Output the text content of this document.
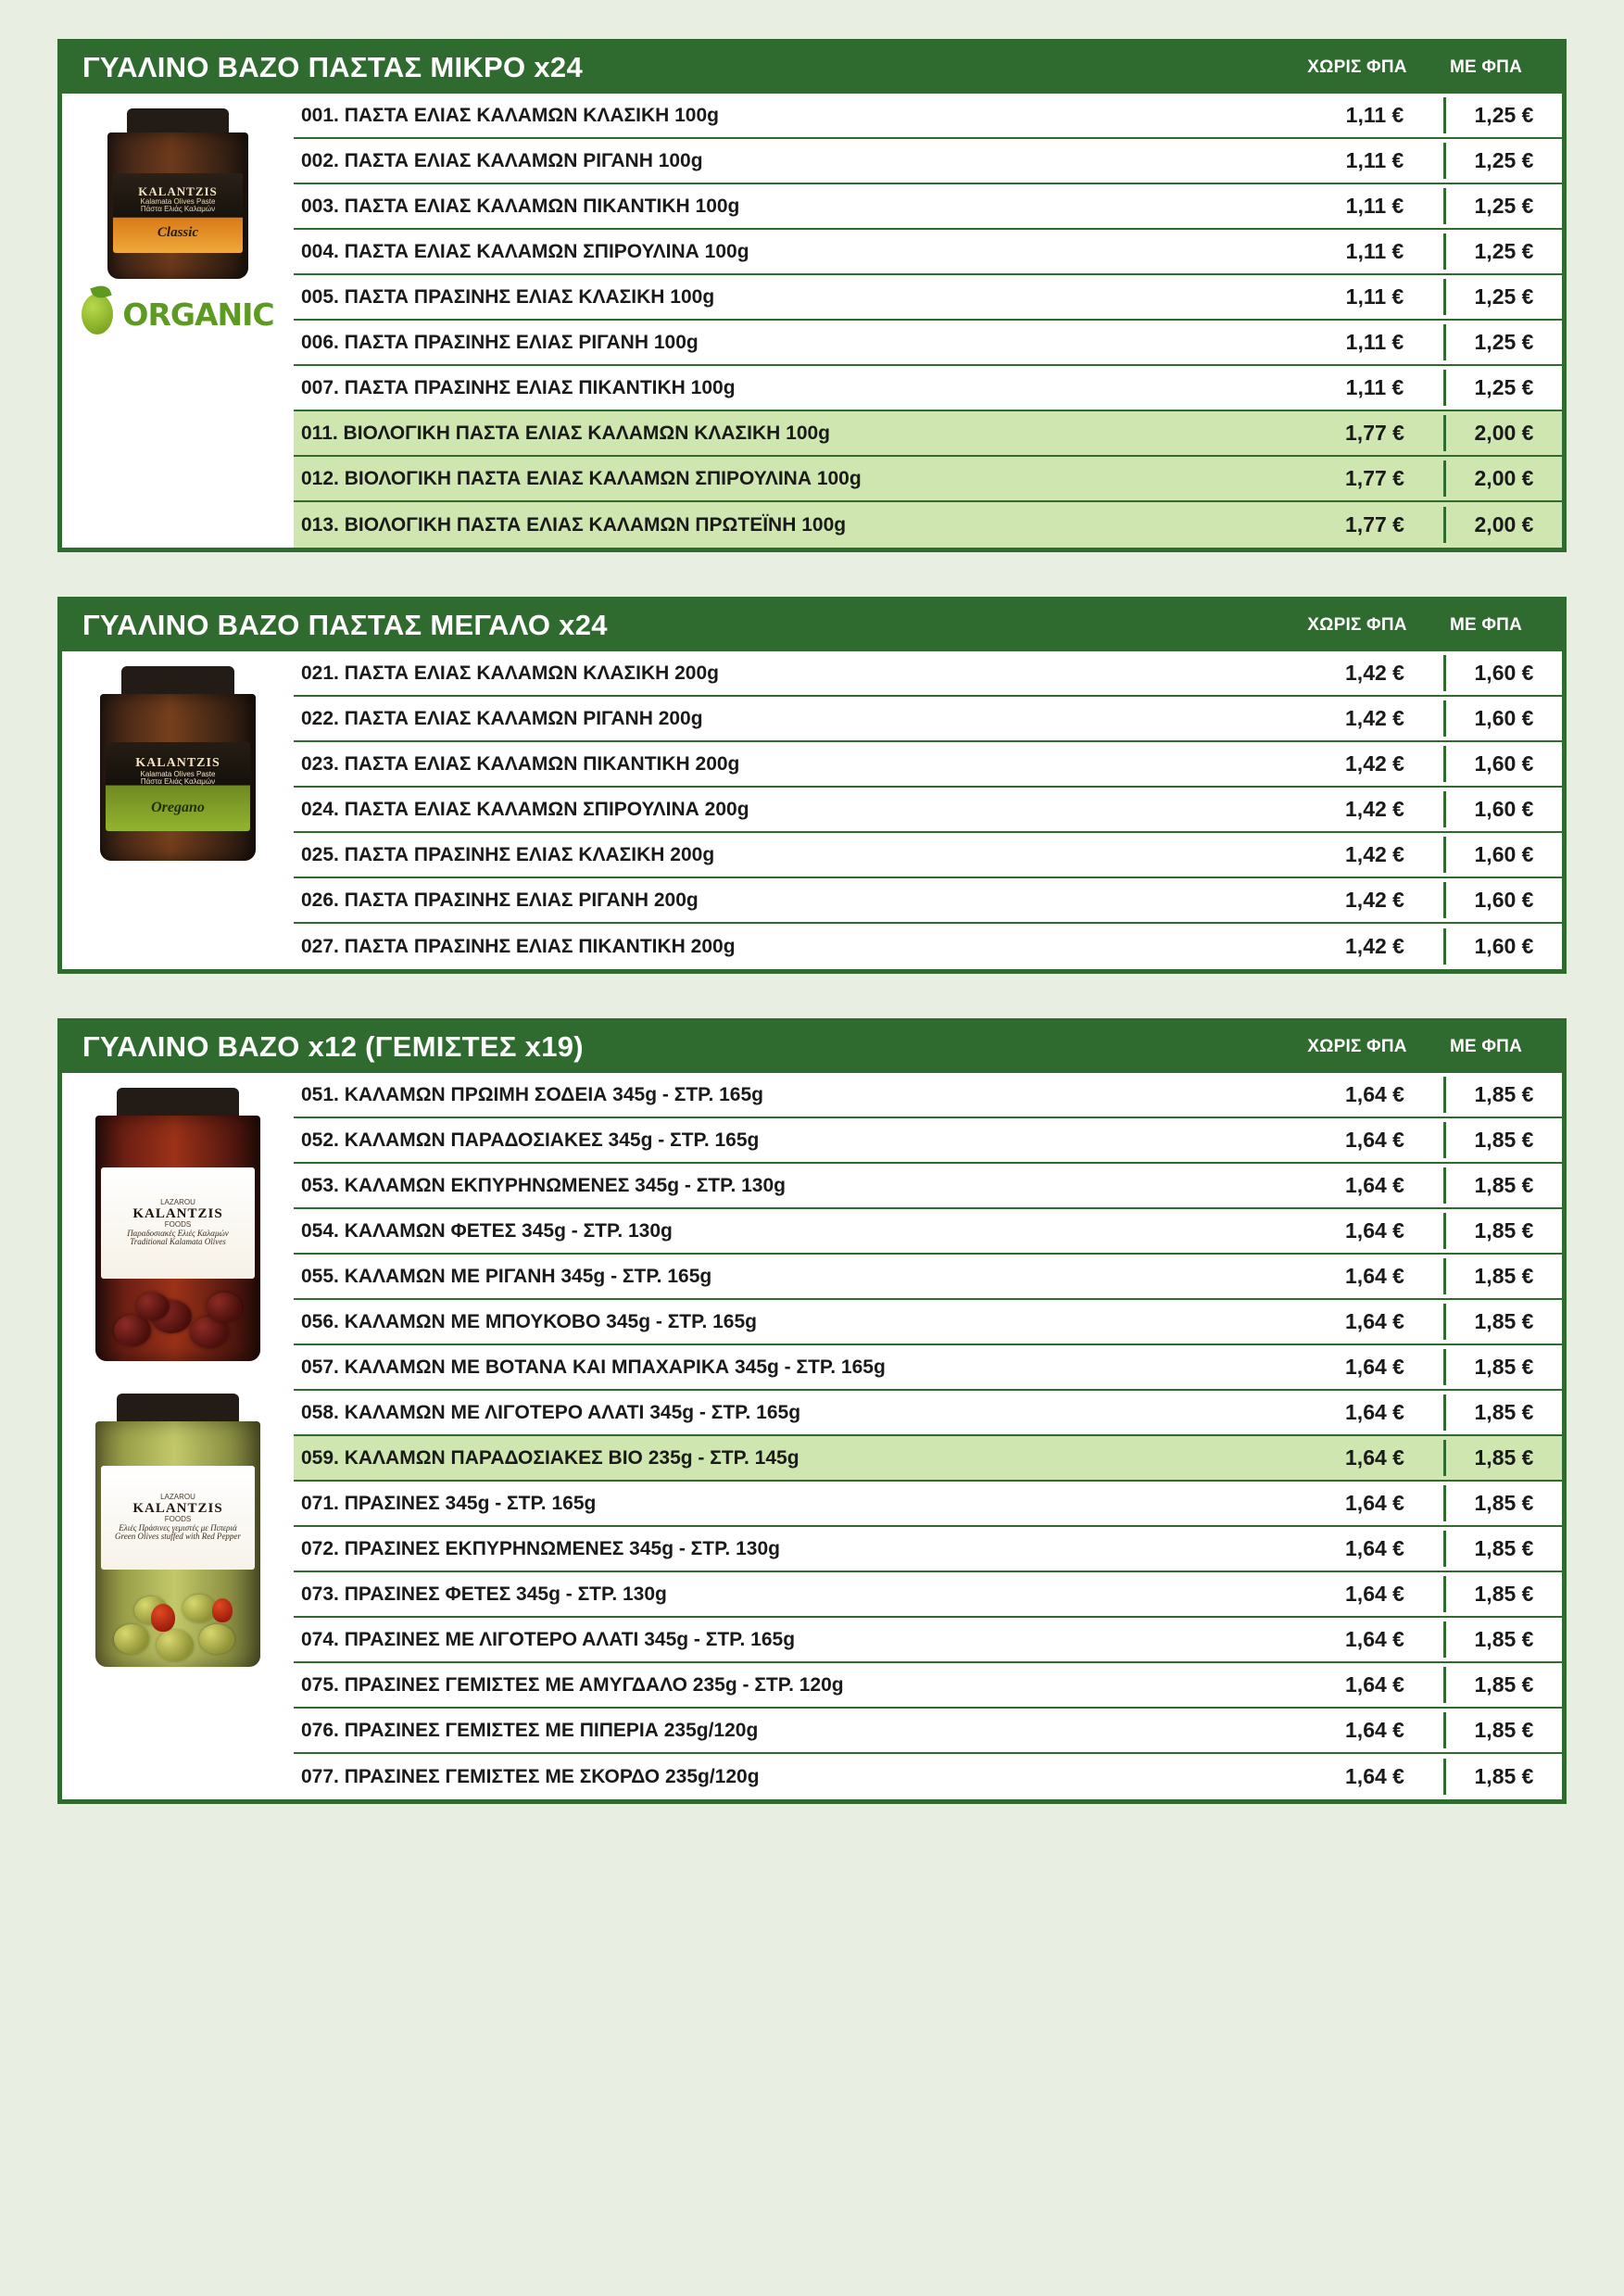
ΓΥΑΛΙΝΟ ΒΑΖΟ ΠΑΣΤΑΣ ΜΙΚΡΟ x24	ΧΩΡΙΣ ΦΠΑ	ΜΕ ΦΠΑ
KALANTZIS
Kalamata Olives Paste
Πάστα Ελιάς Καλαμών
Classic
ORGANIC
001. ΠΑΣΤΑ ΕΛΙΑΣ ΚΑΛΑΜΩΝ ΚΛΑΣΙΚΗ 100g	1,11 €	1,25 €
002. ΠΑΣΤΑ ΕΛΙΑΣ ΚΑΛΑΜΩΝ ΡΙΓΑΝΗ 100g	1,11 €	1,25 €
003. ΠΑΣΤΑ ΕΛΙΑΣ ΚΑΛΑΜΩΝ ΠΙΚΑΝΤΙΚΗ 100g	1,11 €	1,25 €
004. ΠΑΣΤΑ ΕΛΙΑΣ ΚΑΛΑΜΩΝ ΣΠΙΡΟΥΛΙΝΑ 100g	1,11 €	1,25 €
005. ΠΑΣΤΑ ΠΡΑΣΙΝΗΣ ΕΛΙΑΣ ΚΛΑΣΙΚΗ 100g	1,11 €	1,25 €
006. ΠΑΣΤΑ ΠΡΑΣΙΝΗΣ ΕΛΙΑΣ ΡΙΓΑΝΗ 100g	1,11 €	1,25 €
007. ΠΑΣΤΑ ΠΡΑΣΙΝΗΣ ΕΛΙΑΣ ΠΙΚΑΝΤΙΚΗ 100g	1,11 €	1,25 €
011. ΒΙΟΛΟΓΙΚΗ ΠΑΣΤΑ ΕΛΙΑΣ ΚΑΛΑΜΩΝ ΚΛΑΣΙΚΗ 100g	1,77 €	2,00 €
012. ΒΙΟΛΟΓΙΚΗ ΠΑΣΤΑ ΕΛΙΑΣ ΚΑΛΑΜΩΝ ΣΠΙΡΟΥΛΙΝΑ 100g	1,77 €	2,00 €
013. ΒΙΟΛΟΓΙΚΗ ΠΑΣΤΑ ΕΛΙΑΣ ΚΑΛΑΜΩΝ ΠΡΩΤΕΪΝΗ 100g	1,77 €	2,00 €
ΓΥΑΛΙΝΟ ΒΑΖΟ ΠΑΣΤΑΣ ΜΕΓΑΛΟ x24	ΧΩΡΙΣ ΦΠΑ	ΜΕ ΦΠΑ
KALANTZIS
Kalamata Olives Paste
Πάστα Ελιάς Καλαμών
Oregano
021. ΠΑΣΤΑ ΕΛΙΑΣ ΚΑΛΑΜΩΝ ΚΛΑΣΙΚΗ 200g	1,42 €	1,60 €
022. ΠΑΣΤΑ ΕΛΙΑΣ ΚΑΛΑΜΩΝ ΡΙΓΑΝΗ 200g	1,42 €	1,60 €
023. ΠΑΣΤΑ ΕΛΙΑΣ ΚΑΛΑΜΩΝ ΠΙΚΑΝΤΙΚΗ 200g	1,42 €	1,60 €
024. ΠΑΣΤΑ ΕΛΙΑΣ ΚΑΛΑΜΩΝ ΣΠΙΡΟΥΛΙΝΑ 200g	1,42 €	1,60 €
025. ΠΑΣΤΑ ΠΡΑΣΙΝΗΣ ΕΛΙΑΣ ΚΛΑΣΙΚΗ 200g	1,42 €	1,60 €
026. ΠΑΣΤΑ ΠΡΑΣΙΝΗΣ ΕΛΙΑΣ ΡΙΓΑΝΗ 200g	1,42 €	1,60 €
027. ΠΑΣΤΑ ΠΡΑΣΙΝΗΣ ΕΛΙΑΣ ΠΙΚΑΝΤΙΚΗ 200g	1,42 €	1,60 €
ΓΥΑΛΙΝΟ ΒΑΖΟ x12 (ΓΕΜΙΣΤΕΣ x19)	ΧΩΡΙΣ ΦΠΑ	ΜΕ ΦΠΑ
LAZAROU
KALANTZIS
FOODS
Παραδοσιακές Ελιές Καλαμών
Traditional Kalamata Olives
LAZAROU
KALANTZIS
FOODS
Ελιές Πράσινες γεμιστές με Πιπεριά
Green Olives stuffed with Red Pepper
051. ΚΑΛΑΜΩΝ ΠΡΩΙΜΗ ΣΟΔΕΙΑ 345g - ΣΤΡ. 165g	1,64 €	1,85 €
052. ΚΑΛΑΜΩΝ ΠΑΡΑΔΟΣΙΑΚΕΣ 345g - ΣΤΡ. 165g	1,64 €	1,85 €
053. ΚΑΛΑΜΩΝ ΕΚΠΥΡΗΝΩΜΕΝΕΣ 345g - ΣΤΡ. 130g	1,64 €	1,85 €
054. ΚΑΛΑΜΩΝ ΦΕΤΕΣ 345g - ΣΤΡ. 130g	1,64 €	1,85 €
055. ΚΑΛΑΜΩΝ ΜΕ ΡΙΓΑΝΗ 345g - ΣΤΡ. 165g	1,64 €	1,85 €
056. ΚΑΛΑΜΩΝ ΜΕ ΜΠΟΥΚΟΒΟ 345g - ΣΤΡ. 165g	1,64 €	1,85 €
057. ΚΑΛΑΜΩΝ ΜΕ ΒΟΤΑΝΑ ΚΑΙ ΜΠΑΧΑΡΙΚΑ 345g - ΣΤΡ. 165g	1,64 €	1,85 €
058. ΚΑΛΑΜΩΝ ΜΕ ΛΙΓΟΤΕΡΟ ΑΛΑΤΙ 345g - ΣΤΡ. 165g	1,64 €	1,85 €
059. ΚΑΛΑΜΩΝ ΠΑΡΑΔΟΣΙΑΚΕΣ ΒΙΟ 235g - ΣΤΡ. 145g	1,64 €	1,85 €
071. ΠΡΑΣΙΝΕΣ 345g - ΣΤΡ. 165g	1,64 €	1,85 €
072. ΠΡΑΣΙΝΕΣ ΕΚΠΥΡΗΝΩΜΕΝΕΣ 345g - ΣΤΡ. 130g	1,64 €	1,85 €
073. ΠΡΑΣΙΝΕΣ ΦΕΤΕΣ 345g - ΣΤΡ. 130g	1,64 €	1,85 €
074. ΠΡΑΣΙΝΕΣ ΜΕ ΛΙΓΟΤΕΡΟ ΑΛΑΤΙ 345g - ΣΤΡ. 165g	1,64 €	1,85 €
075. ΠΡΑΣΙΝΕΣ ΓΕΜΙΣΤΕΣ ΜΕ ΑΜΥΓΔΑΛΟ 235g - ΣΤΡ. 120g	1,64 €	1,85 €
076. ΠΡΑΣΙΝΕΣ ΓΕΜΙΣΤΕΣ ΜΕ ΠΙΠΕΡΙΑ 235g/120g	1,64 €	1,85 €
077. ΠΡΑΣΙΝΕΣ ΓΕΜΙΣΤΕΣ ΜΕ ΣΚΟΡΔΟ 235g/120g	1,64 €	1,85 €
